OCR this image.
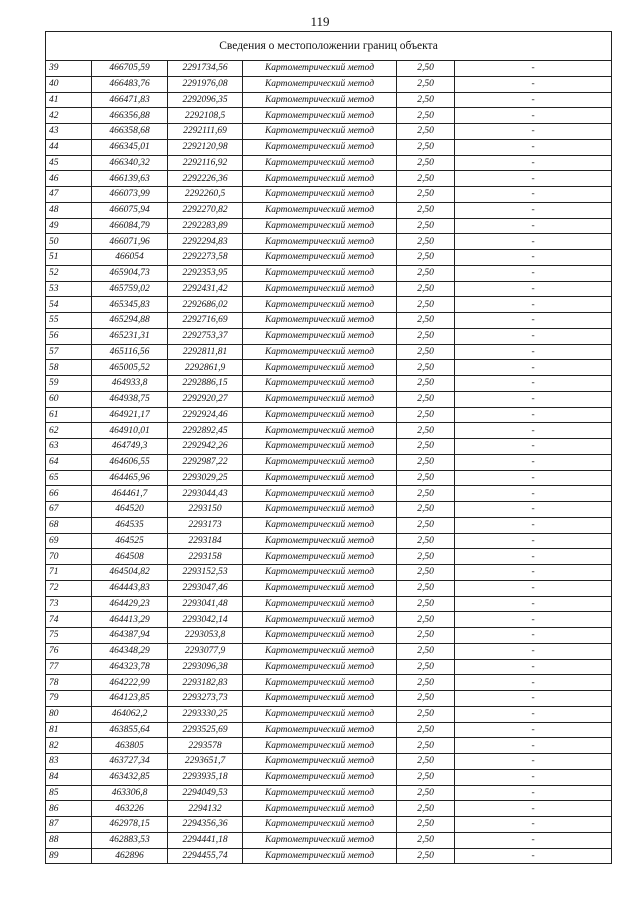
119
Сведения о местоположении границ объекта					
39	466705,59	2291734,56	Картометрический метод	2,50	-
40	466483,76	2291976,08	Картометрический метод	2,50	-
41	466471,83	2292096,35	Картометрический метод	2,50	-
42	466356,88	2292108,5	Картометрический метод	2,50	-
43	466358,68	2292111,69	Картометрический метод	2,50	-
44	466345,01	2292120,98	Картометрический метод	2,50	-
45	466340,32	2292116,92	Картометрический метод	2,50	-
46	466139,63	2292226,36	Картометрический метод	2,50	-
47	466073,99	2292260,5	Картометрический метод	2,50	-
48	466075,94	2292270,82	Картометрический метод	2,50	-
49	466084,79	2292283,89	Картометрический метод	2,50	-
50	466071,96	2292294,83	Картометрический метод	2,50	-
51	466054	2292273,58	Картометрический метод	2,50	-
52	465904,73	2292353,95	Картометрический метод	2,50	-
53	465759,02	2292431,42	Картометрический метод	2,50	-
54	465345,83	2292686,02	Картометрический метод	2,50	-
55	465294,88	2292716,69	Картометрический метод	2,50	-
56	465231,31	2292753,37	Картометрический метод	2,50	-
57	465116,56	2292811,81	Картометрический метод	2,50	-
58	465005,52	2292861,9	Картометрический метод	2,50	-
59	464933,8	2292886,15	Картометрический метод	2,50	-
60	464938,75	2292920,27	Картометрический метод	2,50	-
61	464921,17	2292924,46	Картометрический метод	2,50	-
62	464910,01	2292892,45	Картометрический метод	2,50	-
63	464749,3	2292942,26	Картометрический метод	2,50	-
64	464606,55	2292987,22	Картометрический метод	2,50	-
65	464465,96	2293029,25	Картометрический метод	2,50	-
66	464461,7	2293044,43	Картометрический метод	2,50	-
67	464520	2293150	Картометрический метод	2,50	-
68	464535	2293173	Картометрический метод	2,50	-
69	464525	2293184	Картометрический метод	2,50	-
70	464508	2293158	Картометрический метод	2,50	-
71	464504,82	2293152,53	Картометрический метод	2,50	-
72	464443,83	2293047,46	Картометрический метод	2,50	-
73	464429,23	2293041,48	Картометрический метод	2,50	-
74	464413,29	2293042,14	Картометрический метод	2,50	-
75	464387,94	2293053,8	Картометрический метод	2,50	-
76	464348,29	2293077,9	Картометрический метод	2,50	-
77	464323,78	2293096,38	Картометрический метод	2,50	-
78	464222,99	2293182,83	Картометрический метод	2,50	-
79	464123,85	2293273,73	Картометрический метод	2,50	-
80	464062,2	2293330,25	Картометрический метод	2,50	-
81	463855,64	2293525,69	Картометрический метод	2,50	-
82	463805	2293578	Картометрический метод	2,50	-
83	463727,34	2293651,7	Картометрический метод	2,50	-
84	463432,85	2293935,18	Картометрический метод	2,50	-
85	463306,8	2294049,53	Картометрический метод	2,50	-
86	463226	2294132	Картометрический метод	2,50	-
87	462978,15	2294356,36	Картометрический метод	2,50	-
88	462883,53	2294441,18	Картометрический метод	2,50	-
89	462896	2294455,74	Картометрический метод	2,50	-
